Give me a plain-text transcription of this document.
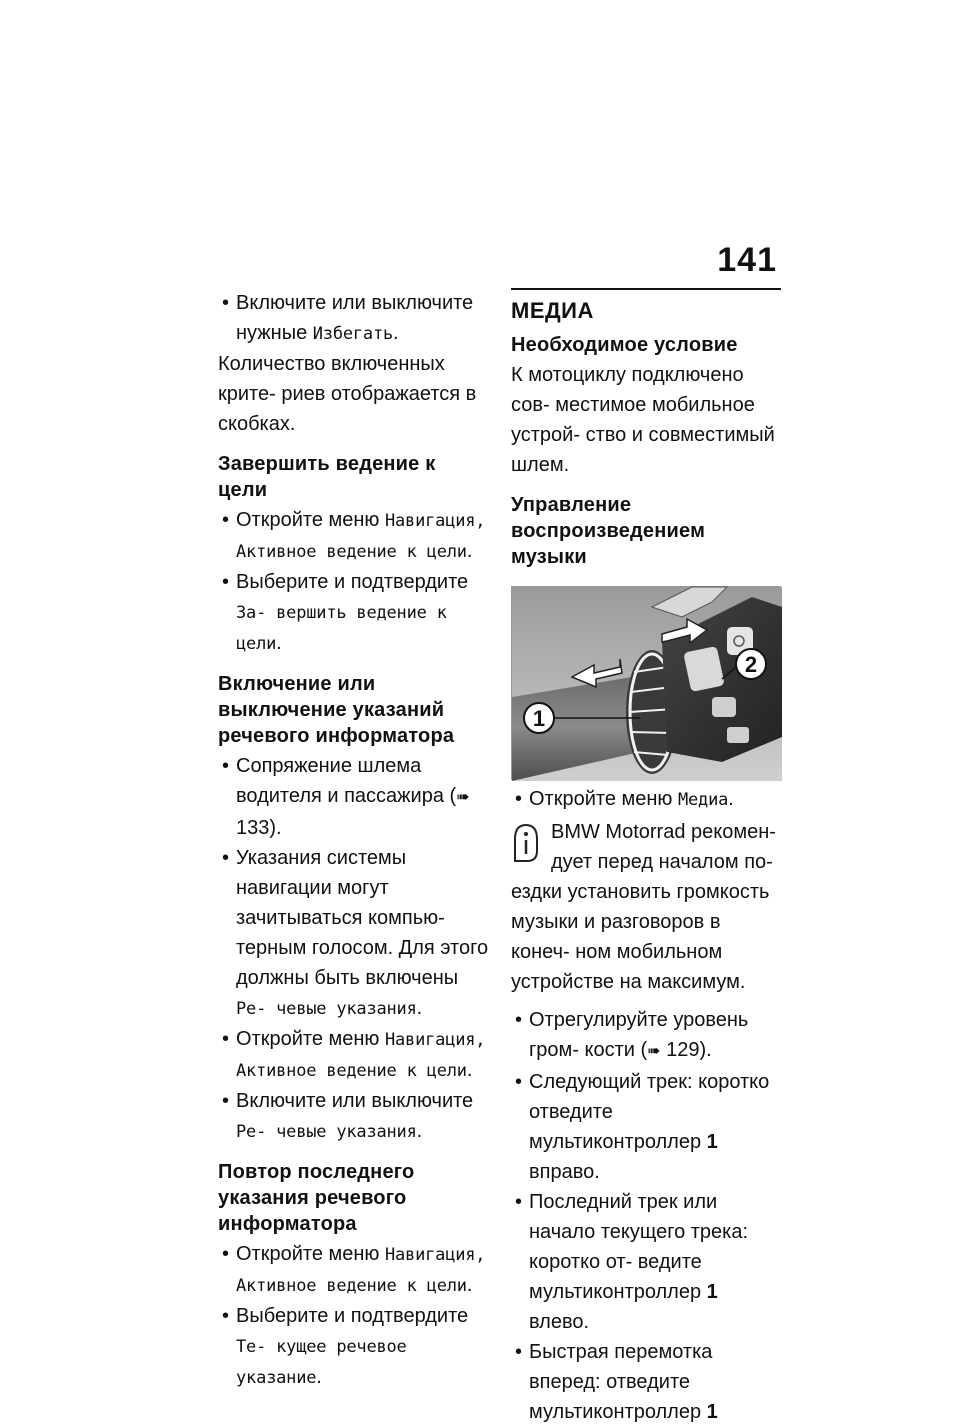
141

• Включите или выключите нужные Избегать.

Количество включенных крите- риев отображается в скобках.

Завершить ведение к цели

• Откройте меню Навигация, Активное ведение к цели.

• Выберите и подтвердите За- вершить ведение к цели.

Включение или выключение указаний речевого информатора

• Сопряжение шлема водителя и пассажира (➠ 133).

• Указания системы навигации могут зачитываться компью- терным голосом. Для этого должны быть включены Ре- чевые указания.

• Откройте меню Навигация, Активное ведение к цели.

• Включите или выключите Ре- чевые указания.

Повтор последнего указания речевого информатора

• Откройте меню Навигация, Активное ведение к цели.

• Выберите и подтвердите Те- кущее речевое указание.

МЕДИА
Необходимое условие

К мотоциклу подключено сов- местимое мобильное устрой- ство и совместимый шлем.

Управление воспроизведением музыки
1
2

• Откройте меню Медиа.

BMW Motorrad рекомен- дует перед началом по-

ездки установить громкость музыки и разговоров в конеч- ном мобильном устройстве на максимум.

• Отрегулируйте уровень гром- кости (➠ 129).

• Следующий трек: коротко отведите мультиконтроллер 1 вправо.

• Последний трек или начало текущего трека: коротко от- ведите мультиконтроллер 1 влево.

• Быстрая перемотка вперед: отведите мультиконтроллер 1
